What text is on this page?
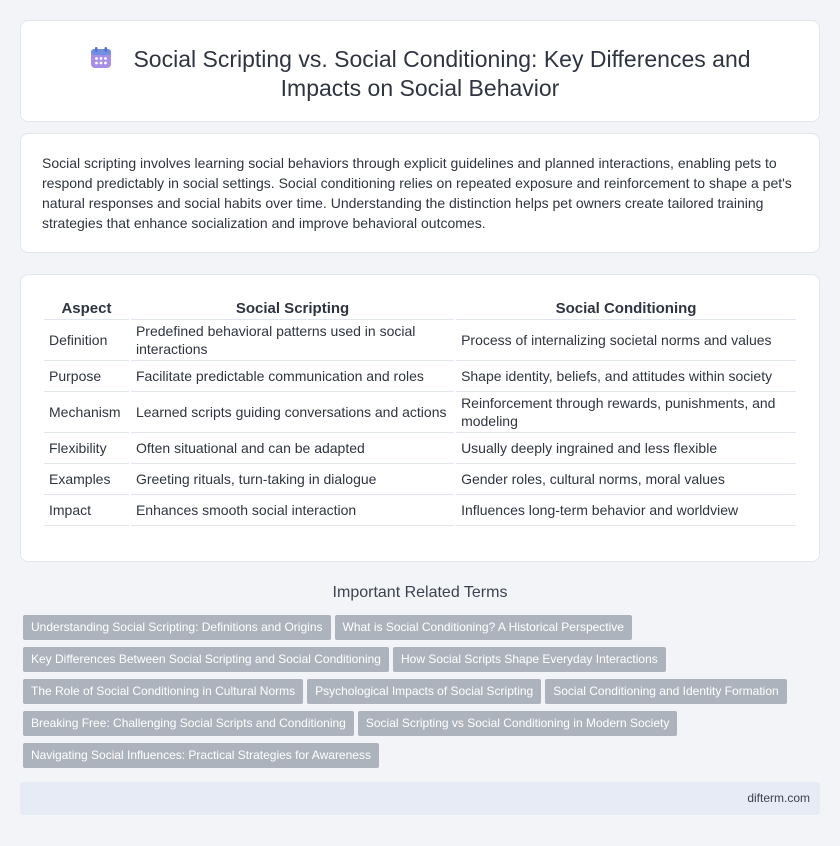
Social Scripting vs. Social Conditioning: Key Differences and Impacts on Social Behavior

Social scripting involves learning social behaviors through explicit guidelines and planned interactions, enabling pets to respond predictably in social settings. Social conditioning relies on repeated exposure and reinforcement to shape a pet's natural responses and social habits over time. Understanding the distinction helps pet owners create tailored training strategies that enhance socialization and improve behavioral outcomes.

Aspect	Social Scripting	Social Conditioning
Definition	Predefined behavioral patterns used in social interactions	Process of internalizing societal norms and values
Purpose	Facilitate predictable communication and roles	Shape identity, beliefs, and attitudes within society
Mechanism	Learned scripts guiding conversations and actions	Reinforcement through rewards, punishments, and modeling
Flexibility	Often situational and can be adapted	Usually deeply ingrained and less flexible
Examples	Greeting rituals, turn-taking in dialogue	Gender roles, cultural norms, moral values
Impact	Enhances smooth social interaction	Influences long-term behavior and worldview
Important Related Terms
Understanding Social Scripting: Definitions and Origins What is Social Conditioning? A Historical Perspective
Key Differences Between Social Scripting and Social Conditioning How Social Scripts Shape Everyday Interactions
The Role of Social Conditioning in Cultural Norms Psychological Impacts of Social Scripting Social Conditioning and Identity Formation
Breaking Free: Challenging Social Scripts and Conditioning Social Scripting vs Social Conditioning in Modern Society
Navigating Social Influences: Practical Strategies for Awareness
difterm.com
